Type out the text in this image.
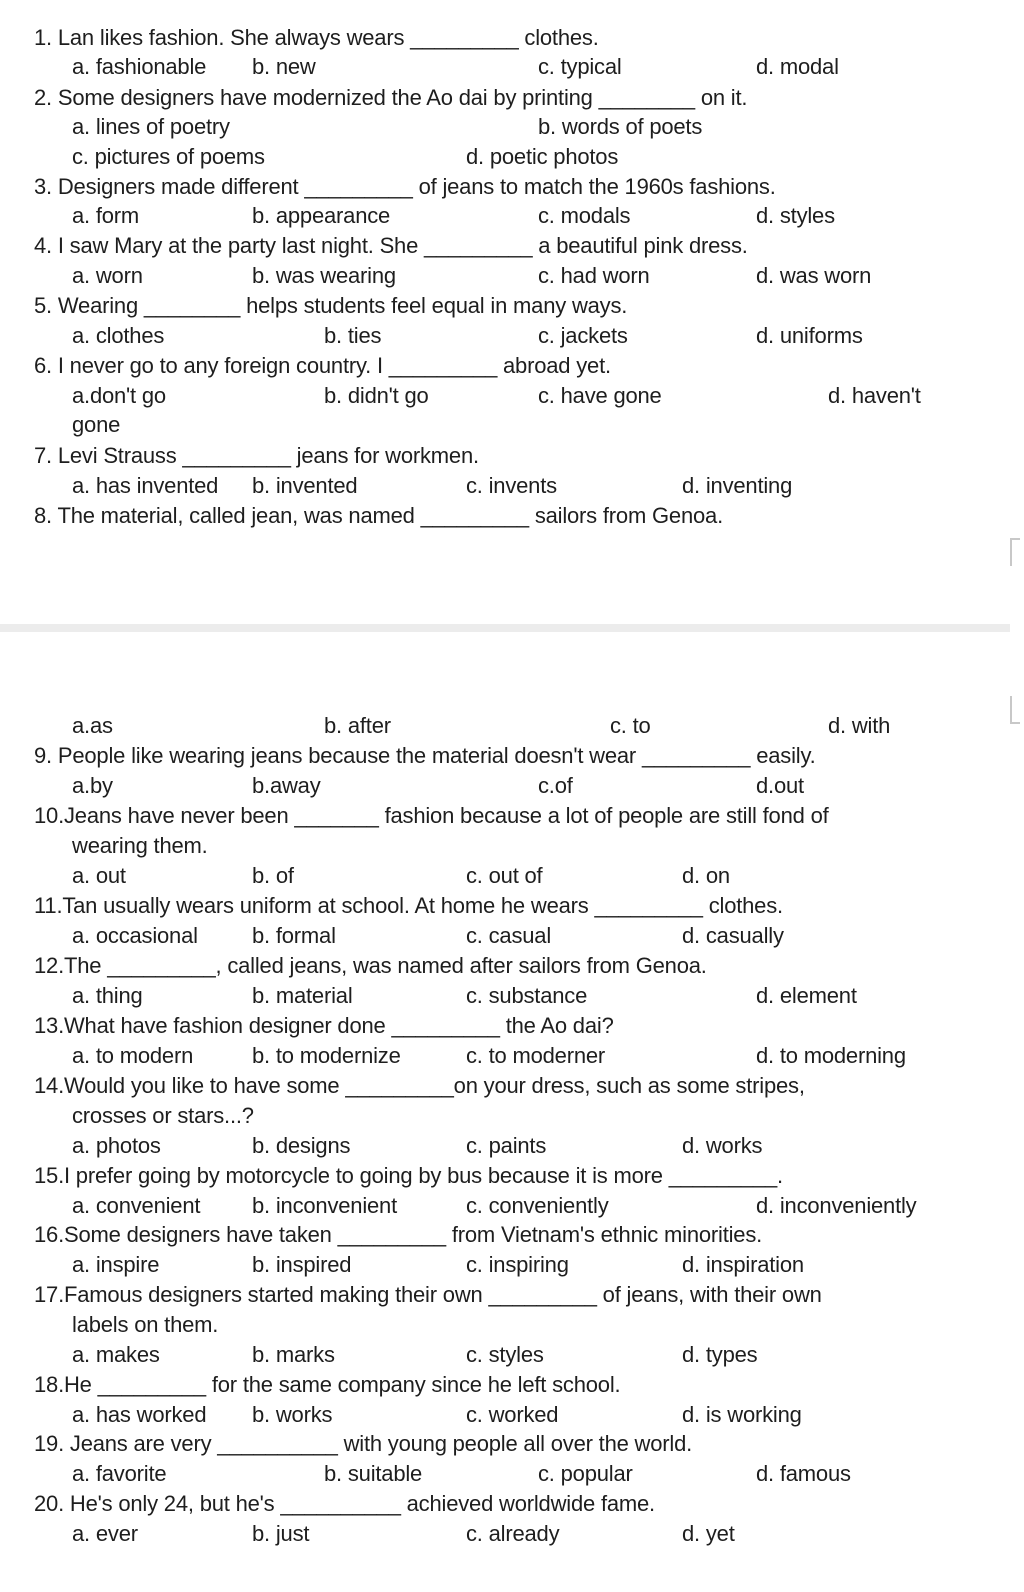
1. Lan likes fashion. She always wears _________ clothes.
a. fashionable b. new	c. typical	d. modal
2. Some designers have modernized the Ao dai by printing ________ on it.
a. lines of poetry	b. words of poets
c. pictures of poems	d. poetic photos
3. Designers made different _________ of jeans to match the 1960s fashions.
a. form	b. appearance	c. modals	d. styles
4. I saw Mary at the party last night. She _________ a beautiful pink dress.
a. worn	b. was wearing	c. had worn	d. was worn
5. Wearing ________ helps students feel equal in many ways.
a. clothes	b. ties	c. jackets	d. uniforms
6. I never go to any foreign country. I _________ abroad yet.
a.don't go	b. didn't go	c. have gone	d. haven't
gone
7. Levi Strauss _________ jeans for workmen.
a. has invented b. invented	c. invents	d. inventing
8. The material, called jean, was named _________ sailors from Genoa.
a.as	b. after	c. to	d. with
9. People like wearing jeans because the material doesn't wear _________ easily.
a.by	b.away	c.of	d.out
10.Jeans have never been _______ fashion because a lot of people are still fond of
wearing them.
a. out	b. of	c. out of	d. on
11.Tan usually wears uniform at school. At home he wears _________ clothes.
a. occasional b. formal	c. casual	d. casually
12.The _________, called jeans, was named after sailors from Genoa.
a. thing	b. material	c. substance	d. element
13.What have fashion designer done _________ the Ao dai?
a. to modern	b. to modernize	c. to moderner	d. to moderning
14.Would you like to have some _________on your dress, such as some stripes,
crosses or stars...?
a. photos	b. designs	c. paints	d. works
15.I prefer going by motorcycle to going by bus because it is more _________.
a. convenient b. inconvenient	c. conveniently	d. inconveniently
16.Some designers have taken _________ from Vietnam's ethnic minorities.
a. inspire	b. inspired	c. inspiring	d. inspiration
17.Famous designers started making their own _________ of jeans, with their own
labels on them.
a. makes	b. marks	c. styles	d. types
18.He _________ for the same company since he left school.
a. has worked b. works	c. worked	d. is working
19. Jeans are very __________ with young people all over the world.
a. favorite	b. suitable	c. popular	d. famous
20. He's only 24, but he's __________ achieved worldwide fame.
a. ever	b. just	c. already	d. yet
